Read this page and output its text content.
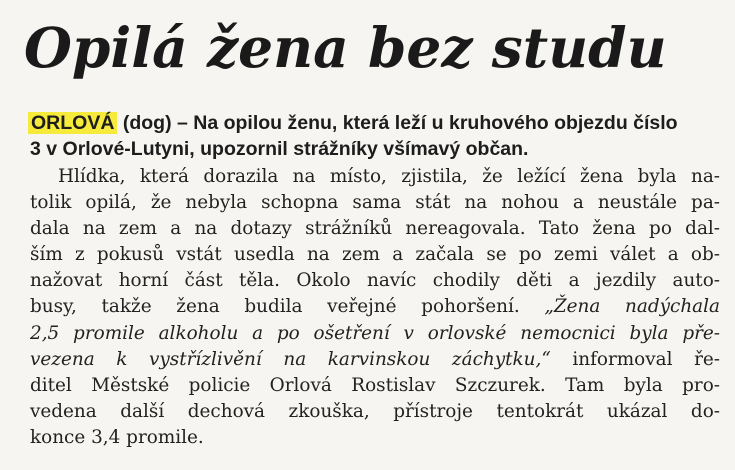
Opilá žena bez studu
ORLOVÁ (dog) – Na opilou ženu, která leží u kruhového objezdu číslo
3 v Orlové-Lutyni, upozornil strážníky všímavý občan.
Hlídka, která dorazila na místo, zjistila, že ležící žena byla na-
tolik opilá, že nebyla schopna sama stát na nohou a neustále pa-
dala na zem a na dotazy strážníků nereagovala. Tato žena po dal-
ším z pokusů vstát usedla na zem a začala se po zemi válet a ob-
nažovat horní část těla. Okolo navíc chodily děti a jezdily auto-
busy, takže žena budila veřejné pohoršení. „Žena nadýchala
2,5 promile alkoholu a po ošetření v orlovské nemocnici byla pře-
vezena k vystřízlivění na karvinskou záchytku,“ informoval ře-
ditel Městské policie Orlová Rostislav Szczurek. Tam byla pro-
vedena další dechová zkouška, přístroje tentokrát ukázal do-
konce 3,4 promile.
